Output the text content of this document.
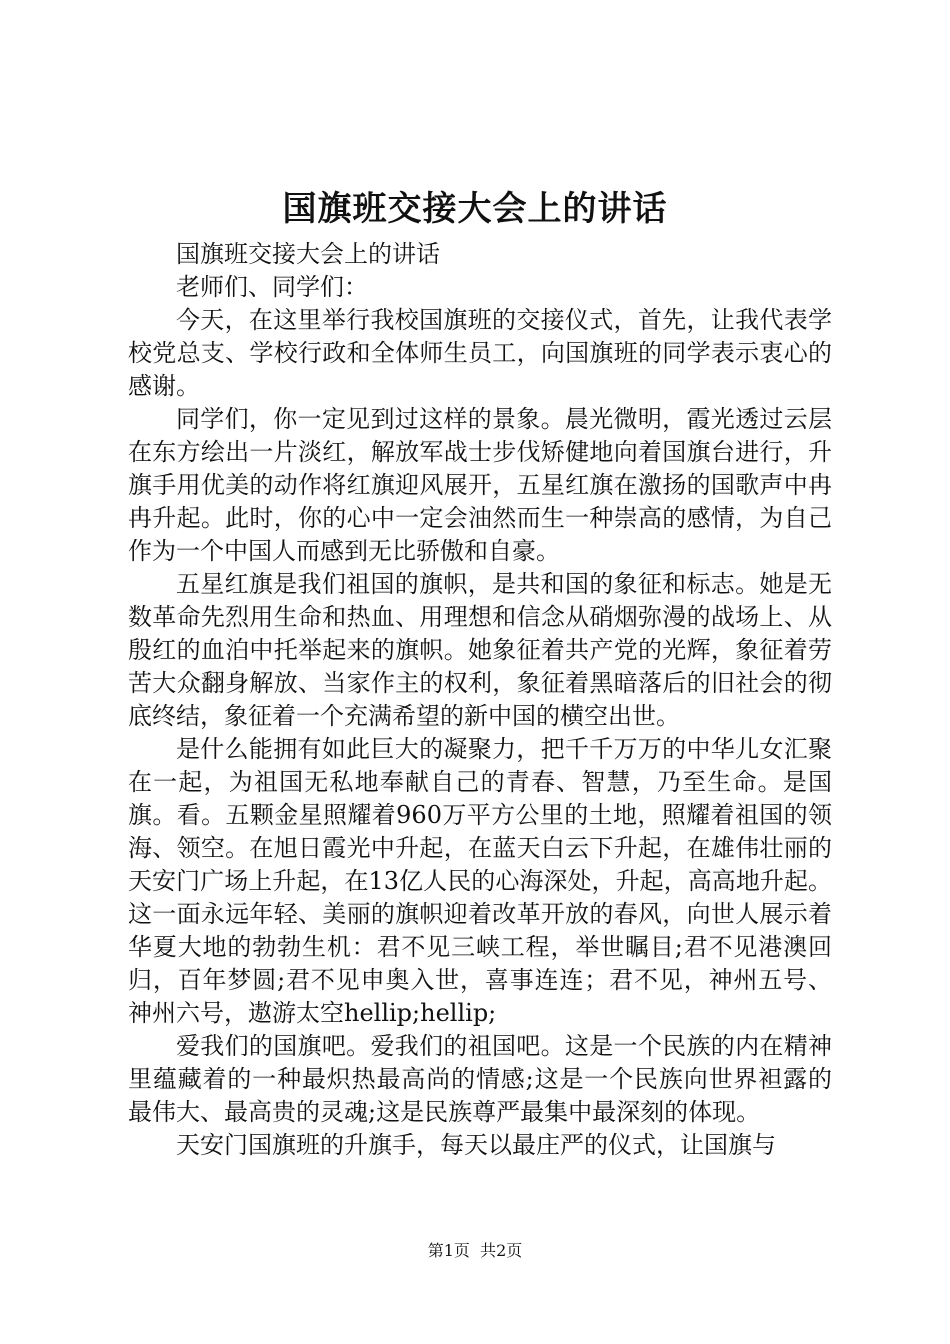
国旗班交接大会上的讲话

国旗班交接大会上的讲话

老师们、同学们：

今天，在这里举行我校国旗班的交接仪式，首先，让我代表学校党总支、学校行政和全体师生员工，向国旗班的同学表示衷心的感谢。

同学们，你一定见到过这样的景象。晨光微明，霞光透过云层在东方绘出一片淡红，解放军战士步伐矫健地向着国旗台进行，升旗手用优美的动作将红旗迎风展开，五星红旗在激扬的国歌声中冉冉升起。此时，你的心中一定会油然而生一种崇高的感情，为自己作为一个中国人而感到无比骄傲和自豪。

五星红旗是我们祖国的旗帜，是共和国的象征和标志。她是无数革命先烈用生命和热血、用理想和信念从硝烟弥漫的战场上、从殷红的血泊中托举起来的旗帜。她象征着共产党的光辉，象征着劳苦大众翻身解放、当家作主的权利，象征着黑暗落后的旧社会的彻底终结，象征着一个充满希望的新中国的横空出世。

是什么能拥有如此巨大的凝聚力，把千千万万的中华儿女汇聚在一起，为祖国无私地奉献自己的青春、智慧，乃至生命。是国旗。看。五颗金星照耀着960万平方公里的土地，照耀着祖国的领海、领空。在旭日霞光中升起，在蓝天白云下升起，在雄伟壮丽的天安门广场上升起，在13亿人民的心海深处，升起，高高地升起。这一面永远年轻、美丽的旗帜迎着改革开放的春风，向世人展示着华夏大地的勃勃生机：君不见三峡工程，举世瞩目;君不见港澳回归，百年梦圆;君不见申奥入世，喜事连连；君不见，神州五号、神州六号，遨游太空hellip;hellip;

爱我们的国旗吧。爱我们的祖国吧。这是一个民族的内在精神里蕴藏着的一种最炽热最高尚的情感;这是一个民族向世界袒露的最伟大、最高贵的灵魂;这是民族尊严最集中最深刻的体现。

天安门国旗班的升旗手，每天以最庄严的仪式，让国旗与

第1页  共2页
